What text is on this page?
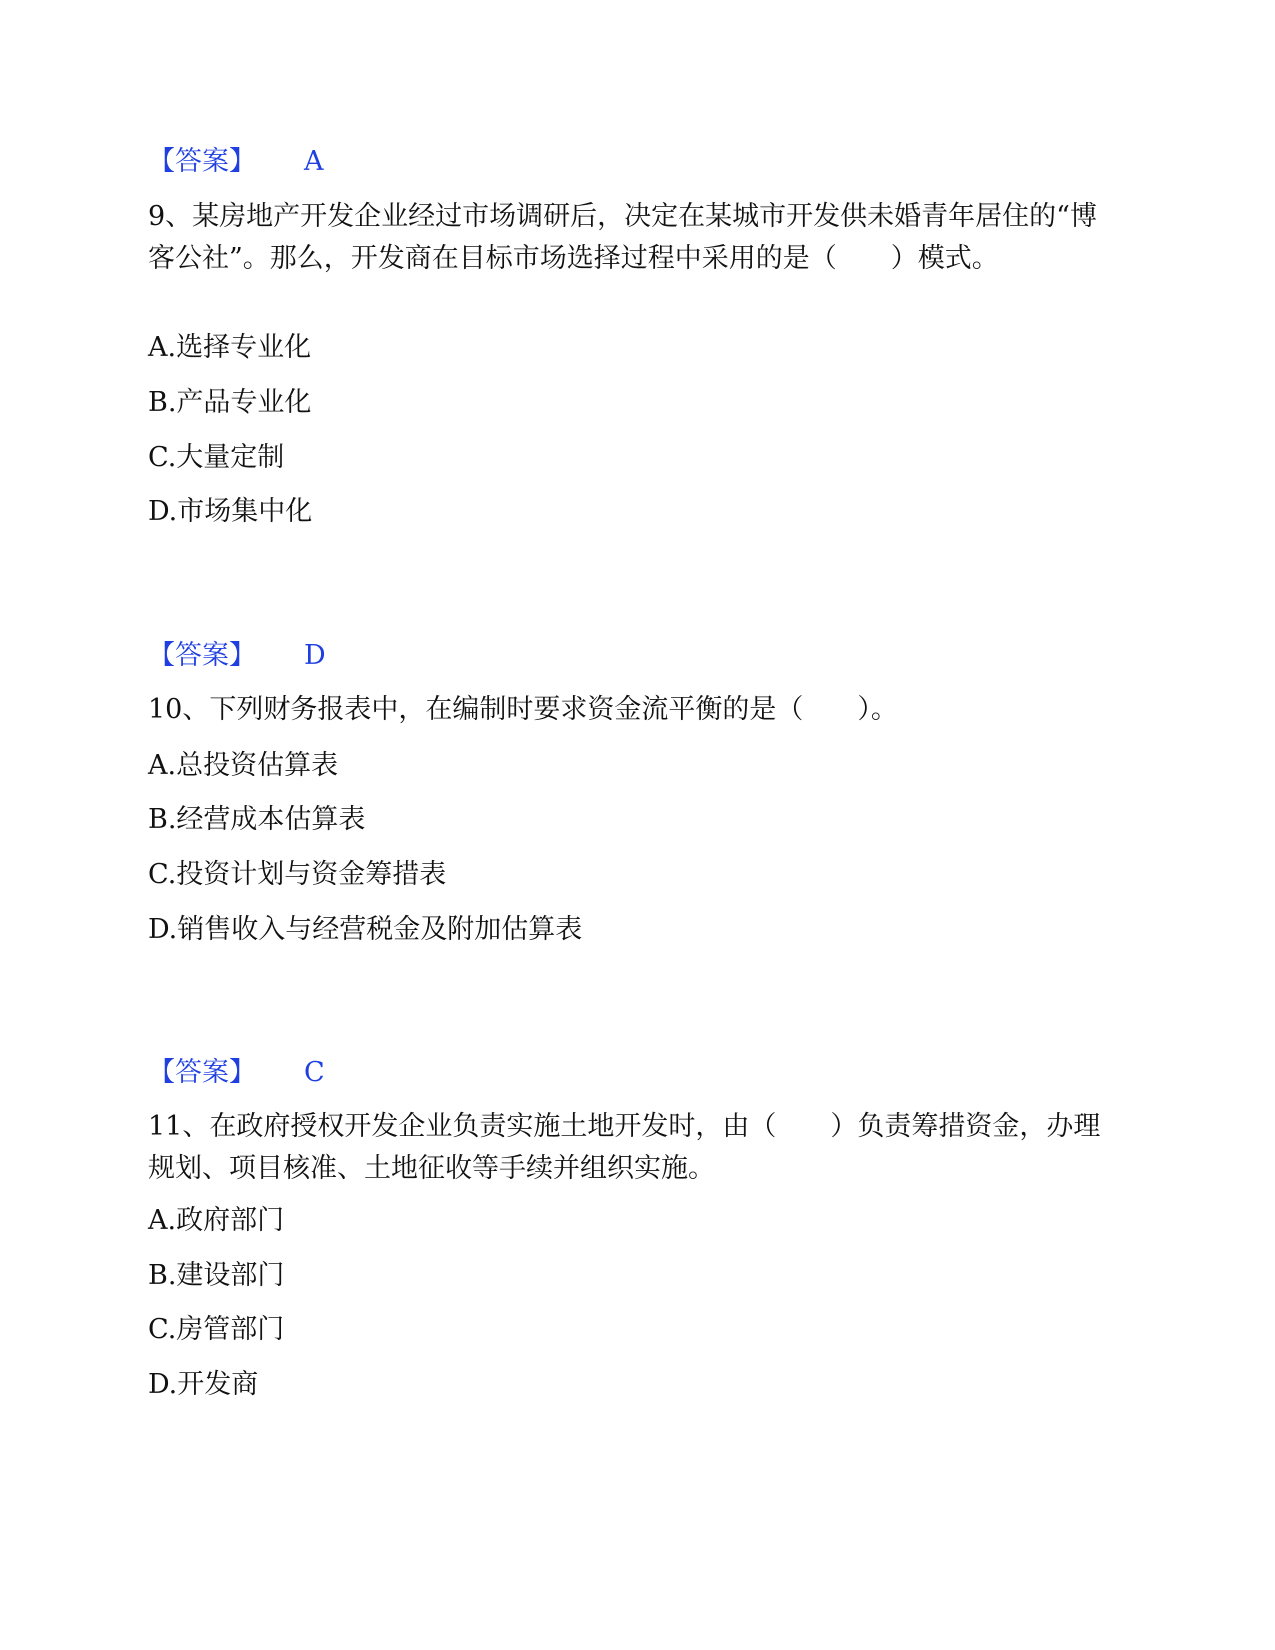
【答案】 A
9、某房地产开发企业经过市场调研后，决定在某城市开发供未婚青年居住的“博客公社”。那么，开发商在目标市场选择过程中采用的是（　　）模式。
A.选择专业化
B.产品专业化
C.大量定制
D.市场集中化
【答案】 D
10、下列财务报表中，在编制时要求资金流平衡的是（　　）。
A.总投资估算表
B.经营成本估算表
C.投资计划与资金筹措表
D.销售收入与经营税金及附加估算表
【答案】 C
11、在政府授权开发企业负责实施土地开发时，由（　　）负责筹措资金，办理规划、项目核准、土地征收等手续并组织实施。
A.政府部门
B.建设部门
C.房管部门
D.开发商
